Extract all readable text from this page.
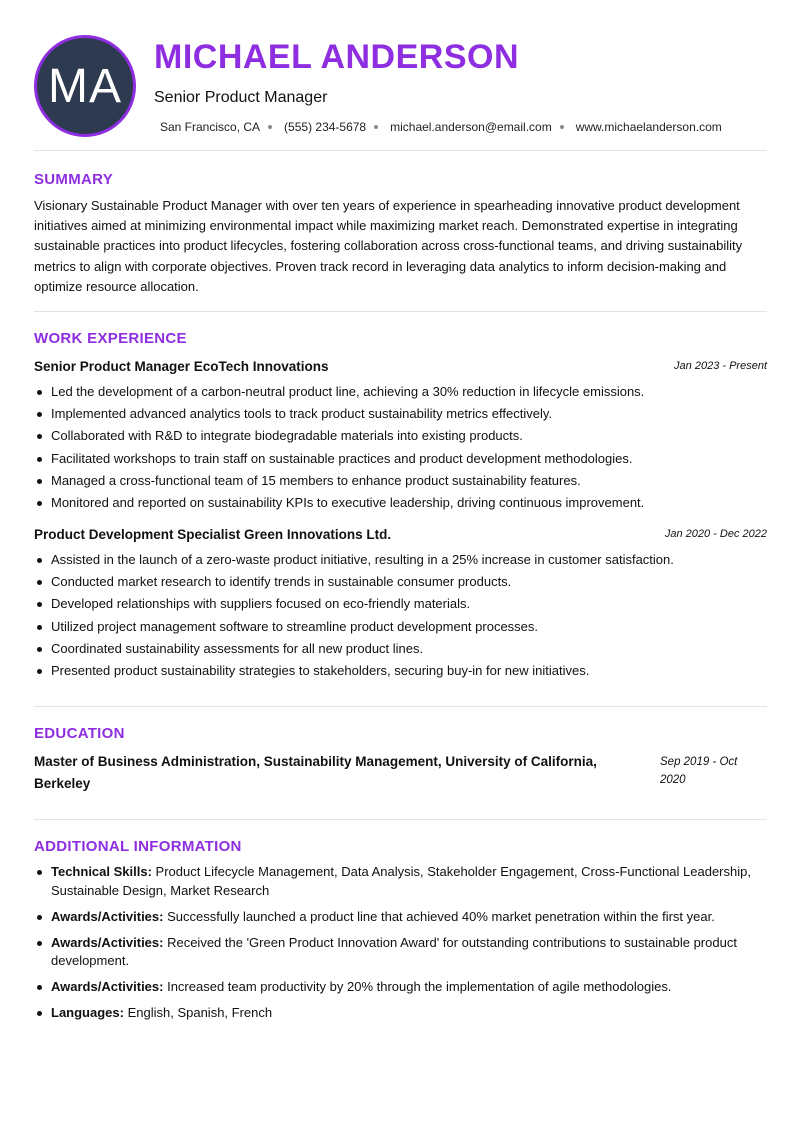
MA
MICHAEL ANDERSON
Senior Product Manager
San Francisco, CA (555) 234-5678 michael.anderson@email.com www.michaelanderson.com
SUMMARY
Visionary Sustainable Product Manager with over ten years of experience in spearheading innovative product development initiatives aimed at minimizing environmental impact while maximizing market reach. Demonstrated expertise in integrating sustainable practices into product lifecycles, fostering collaboration across cross-functional teams, and driving sustainability metrics to align with corporate objectives. Proven track record in leveraging data analytics to inform decision-making and optimize resource allocation.
WORK EXPERIENCE
Senior Product Manager EcoTech Innovations	Jan 2023 - Present
Led the development of a carbon-neutral product line, achieving a 30% reduction in lifecycle emissions.
Implemented advanced analytics tools to track product sustainability metrics effectively.
Collaborated with R&D to integrate biodegradable materials into existing products.
Facilitated workshops to train staff on sustainable practices and product development methodologies.
Managed a cross-functional team of 15 members to enhance product sustainability features.
Monitored and reported on sustainability KPIs to executive leadership, driving continuous improvement.
Product Development Specialist Green Innovations Ltd.	Jan 2020 - Dec 2022
Assisted in the launch of a zero-waste product initiative, resulting in a 25% increase in customer satisfaction.
Conducted market research to identify trends in sustainable consumer products.
Developed relationships with suppliers focused on eco-friendly materials.
Utilized project management software to streamline product development processes.
Coordinated sustainability assessments for all new product lines.
Presented product sustainability strategies to stakeholders, securing buy-in for new initiatives.
EDUCATION
Master of Business Administration, Sustainability Management, University of California, Berkeley
Sep 2019 - Oct 2020
ADDITIONAL INFORMATION
Technical Skills: Product Lifecycle Management, Data Analysis, Stakeholder Engagement, Cross-Functional Leadership, Sustainable Design, Market Research
Awards/Activities: Successfully launched a product line that achieved 40% market penetration within the first year.
Awards/Activities: Received the 'Green Product Innovation Award' for outstanding contributions to sustainable product development.
Awards/Activities: Increased team productivity by 20% through the implementation of agile methodologies.
Languages: English, Spanish, French
